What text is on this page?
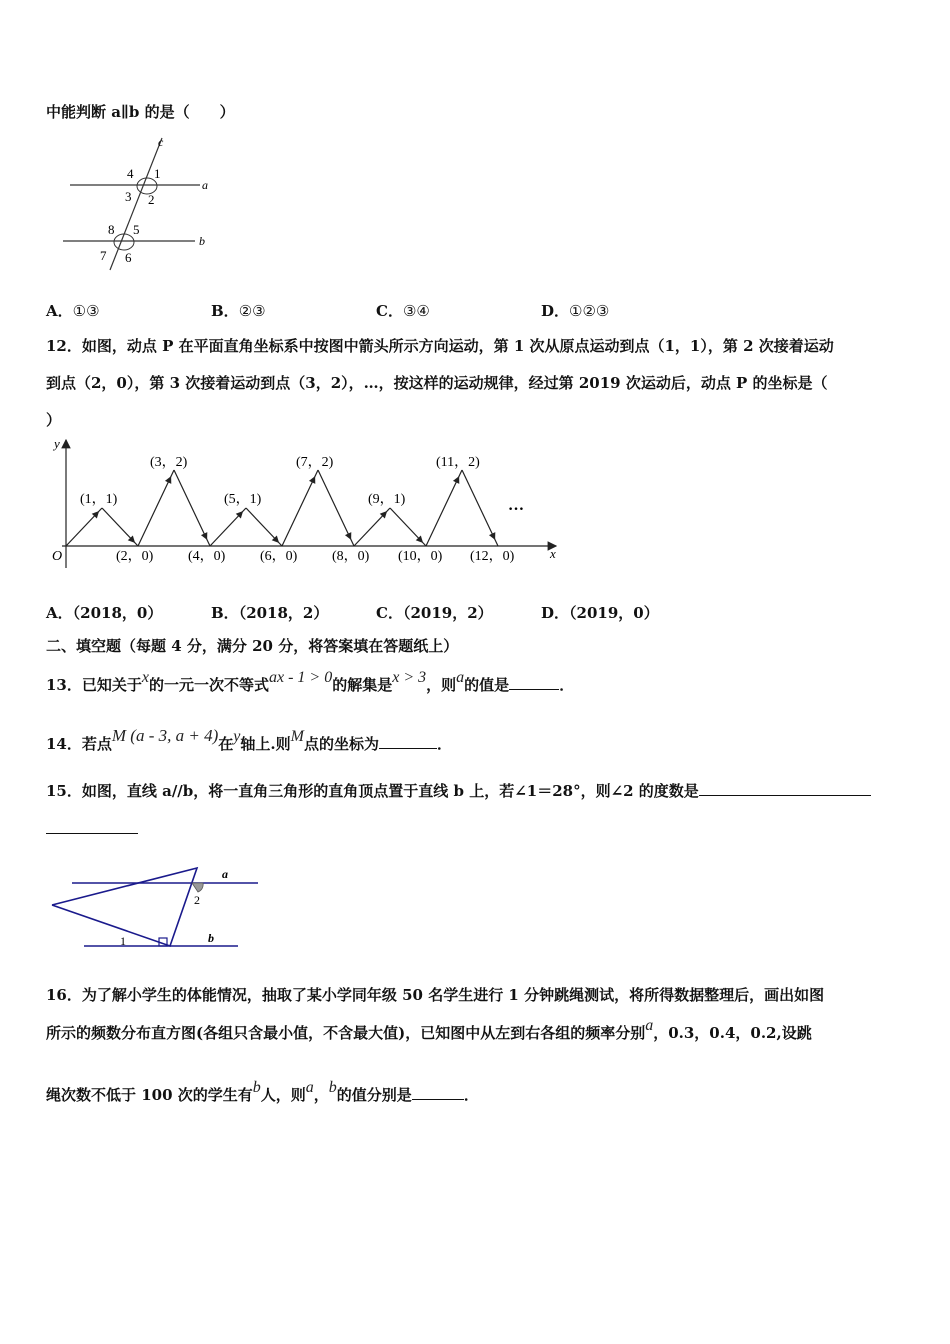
中能判断 a∥b 的是（　　）
c
a
b
1
2
3
4
5
6
7
8
A．①③	B．②③	C．③④	D．①②③
12．如图，动点 P 在平面直角坐标系中按图中箭头所示方向运动，第 1 次从原点运动到点（1，1），第 2 次接着运动
到点（2，0），第 3 次接着运动到点（3，2），…，按这样的运动规律，经过第 2019 次运动后，动点 P 的坐标是（
）
y
x
O
(1，1)
(3，2)
(5，1)
(7，2)
(9，1)
(11，2)
(2，0) (4，0) (6，0) (8，0) (10，0) (12，0)
…
A．（2018，0）	B．（2018，2）	C．（2019，2）	D．（2019，0）
二、填空题（每题 4 分，满分 20 分，将答案填在答题纸上）
13．已知关于x的一元一次不等式ax - 1 > 0的解集是x > 3，则a的值是	．
14．若点M (a - 3, a + 4)在y轴上.则M点的坐标为	．
15．如图，直线 a//b，将一直角三角形的直角顶点置于直线 b 上，若∠1＝28°，则∠2 的度数是
a
b
1
2
16．为了解小学生的体能情况，抽取了某小学同年级 50 名学生进行 1 分钟跳绳测试，将所得数据整理后，画出如图
所示的频数分布直方图(各组只含最小值，不含最大值)，已知图中从左到右各组的频率分别a，0.3，0.4，0.2,设跳
绳次数不低于 100 次的学生有b人，则a，b的值分别是	．
